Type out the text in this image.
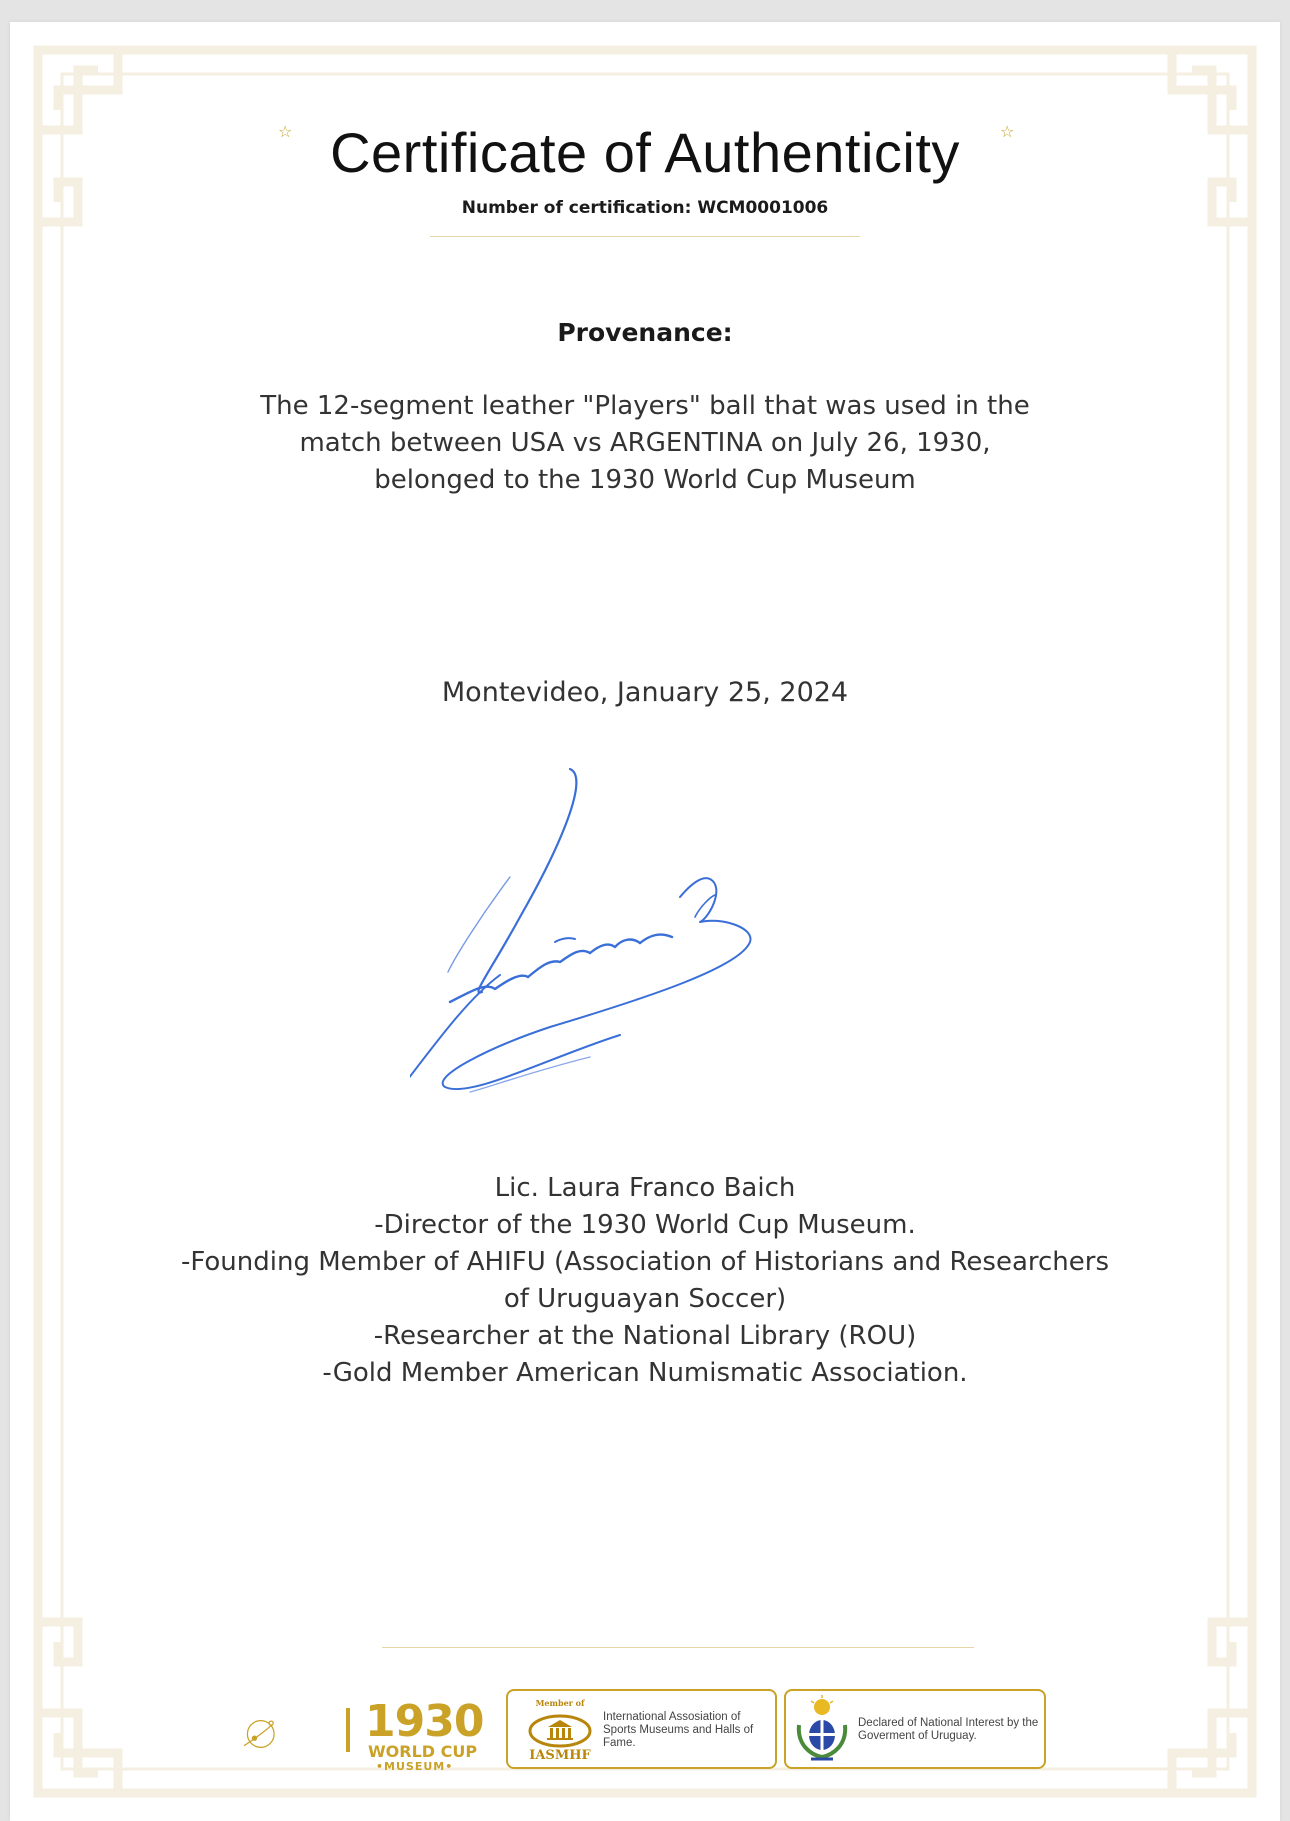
☆	☆
Certificate of Authenticity
Number of certification: WCM0001006
Provenance:
The 12-segment leather "Players" ball that was used in the
match between USA vs ARGENTINA on July 26, 1930,
belonged to the 1930 World Cup Museum
Montevideo, January 25, 2024
Lic. Laura Franco Baich
-Director of the 1930 World Cup Museum.
-Founding Member of AHIFU (Association of Historians and Researchers
of Uruguayan Soccer)
-Researcher at the National Library (ROU)
-Gold Member American Numismatic Association.
1930
WORLD CUP
•MUSEUM•
Member of
IASMHF
International Assosiation of Sports Museums and Halls of Fame.
Declared of National Interest by the Goverment of Uruguay.
